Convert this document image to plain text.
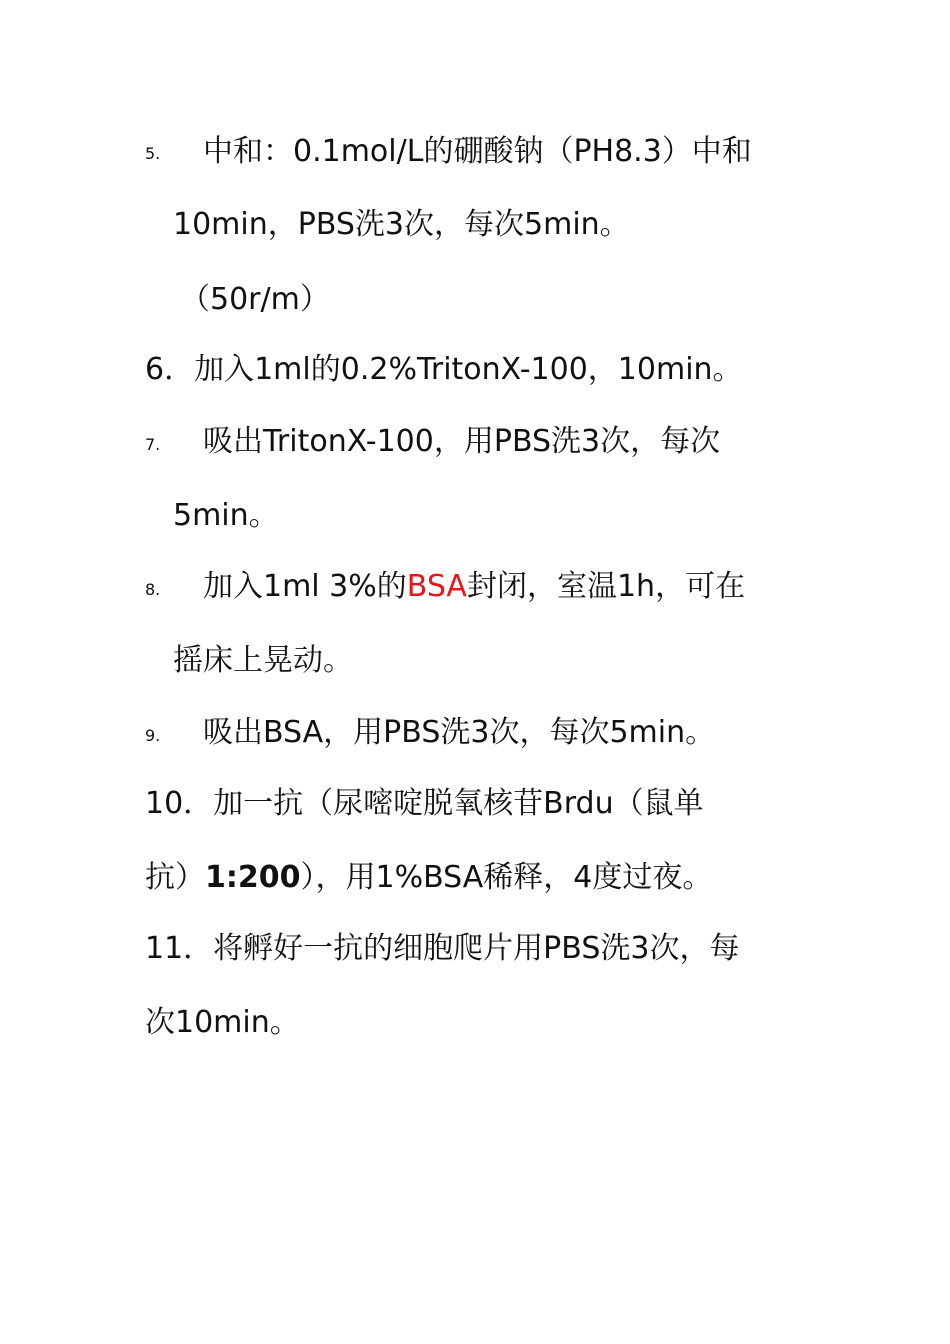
5. 中和：0.1mol/L的硼酸钠（PH8.3）中和
10min，PBS洗3次，每次5min。
（50r/m）
6．加入1ml的0.2%TritonX-100，10min。
7. 吸出TritonX-100，用PBS洗3次，每次
5min。
8. 加入1ml 3%的BSA封闭，室温1h，可在
摇床上晃动。
9. 吸出BSA，用PBS洗3次，每次5min。
10．加一抗（尿嘧啶脱氧核苷Brdu（鼠单
抗）1:200），用1%BSA稀释，4度过夜。
11．将孵好一抗的细胞爬片用PBS洗3次，每
次10min。
